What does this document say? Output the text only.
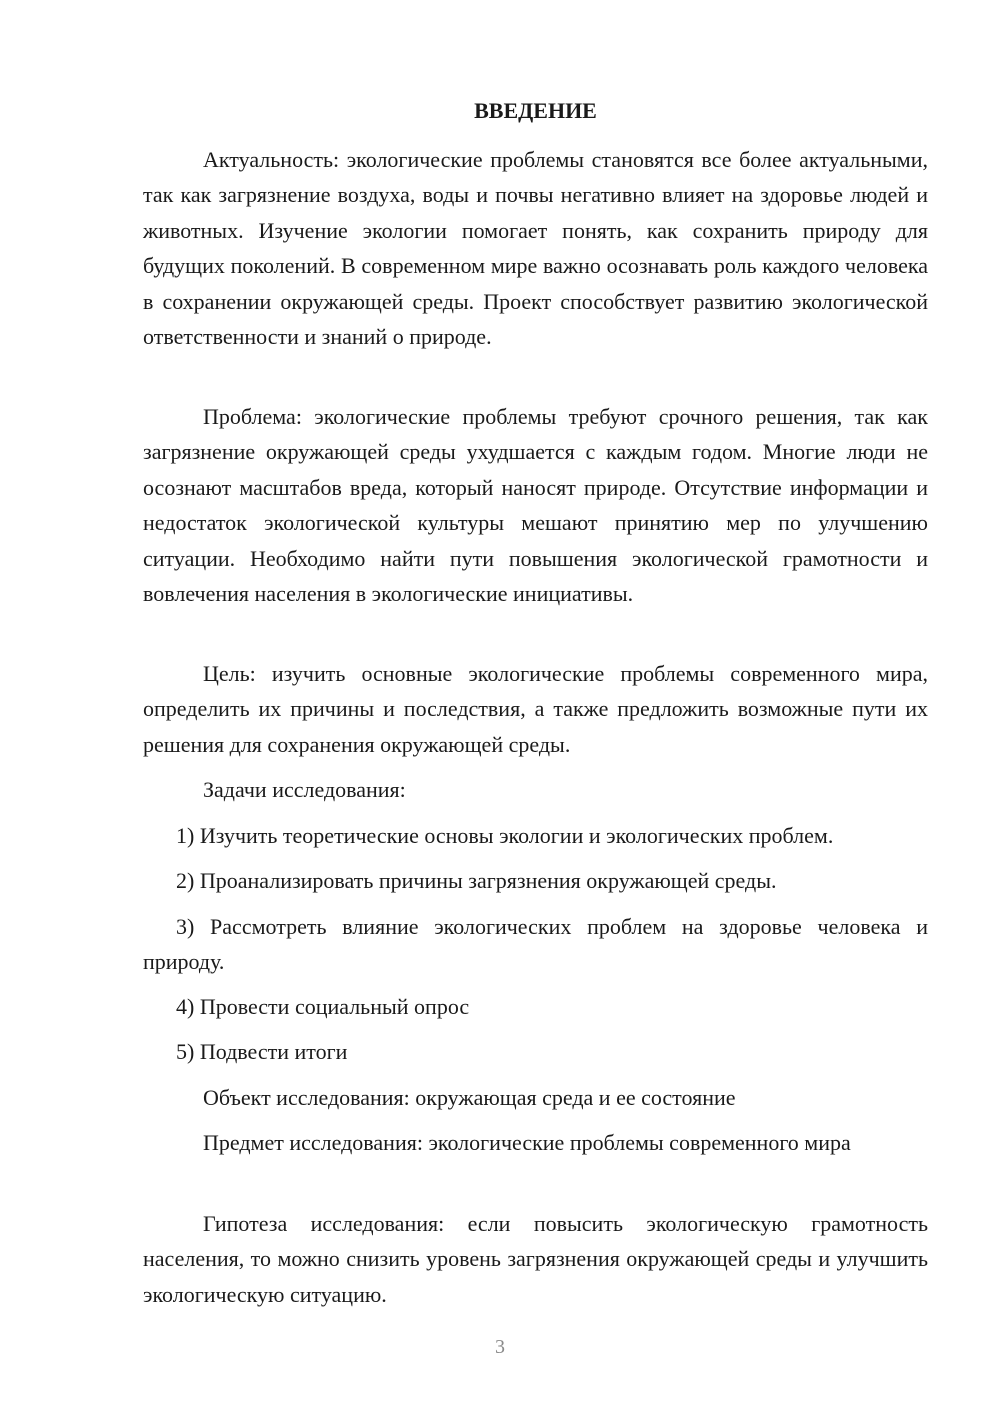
ВВЕДЕНИЕ

Актуальность: экологические проблемы становятся все более актуальными, так как загрязнение воздуха, воды и почвы негативно влияет на здоровье людей и животных. Изучение экологии помогает понять, как сохранить природу для будущих поколений. В современном мире важно осознавать роль каждого человека в сохранении окружающей среды. Проект способствует развитию экологической ответственности и знаний о природе.

Проблема: экологические проблемы требуют срочного решения, так как загрязнение окружающей среды ухудшается с каждым годом. Многие люди не осознают масштабов вреда, который наносят природе. Отсутствие информации и недостаток экологической культуры мешают принятию мер по улучшению ситуации. Необходимо найти пути повышения экологической грамотности и вовлечения населения в экологические инициативы.

Цель: изучить основные экологические проблемы современного мира, определить их причины и последствия, а также предложить возможные пути их решения для сохранения окружающей среды.

Задачи исследования:

1) Изучить теоретические основы экологии и экологических проблем.

2) Проанализировать причины загрязнения окружающей среды.

3) Рассмотреть влияние экологических проблем на здоровье человека и природу.

4) Провести социальный опрос

5) Подвести итоги

Объект исследования: окружающая среда и ее состояние

Предмет исследования: экологические проблемы современного мира

Гипотеза исследования: если повысить экологическую грамотность населения, то можно снизить уровень загрязнения окружающей среды и улучшить экологическую ситуацию.

3
